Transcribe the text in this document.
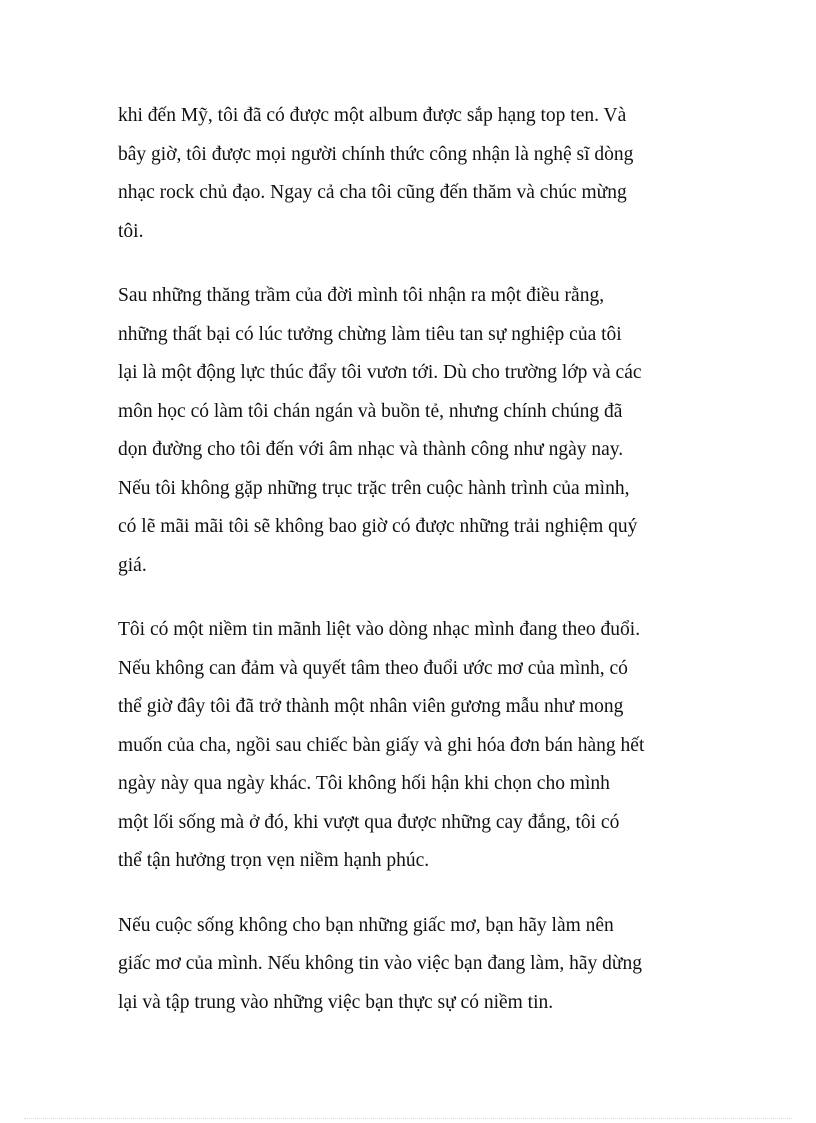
khi đến Mỹ, tôi đã có được một album được sắp hạng top ten. Và
bây giờ, tôi được mọi người chính thức công nhận là nghệ sĩ dòng
nhạc rock chủ đạo. Ngay cả cha tôi cũng đến thăm và chúc mừng
tôi.

Sau những thăng trầm của đời mình tôi nhận ra một điều rằng,
những thất bại có lúc tưởng chừng làm tiêu tan sự nghiệp của tôi
lại là một động lực thúc đẩy tôi vươn tới. Dù cho trường lớp và các
môn học có làm tôi chán ngán và buồn tẻ, nhưng chính chúng đã
dọn đường cho tôi đến với âm nhạc và thành công như ngày nay.
Nếu tôi không gặp những trục trặc trên cuộc hành trình của mình,
có lẽ mãi mãi tôi sẽ không bao giờ có được những trải nghiệm quý
giá.

Tôi có một niềm tin mãnh liệt vào dòng nhạc mình đang theo đuổi.
Nếu không can đảm và quyết tâm theo đuổi ước mơ của mình, có
thể giờ đây tôi đã trở thành một nhân viên gương mẫu như mong
muốn của cha, ngồi sau chiếc bàn giấy và ghi hóa đơn bán hàng hết
ngày này qua ngày khác. Tôi không hối hận khi chọn cho mình
một lối sống mà ở đó, khi vượt qua được những cay đắng, tôi có
thể tận hưởng trọn vẹn niềm hạnh phúc.

Nếu cuộc sống không cho bạn những giấc mơ, bạn hãy làm nên
giấc mơ của mình. Nếu không tin vào việc bạn đang làm, hãy dừng
lại và tập trung vào những việc bạn thực sự có niềm tin.
